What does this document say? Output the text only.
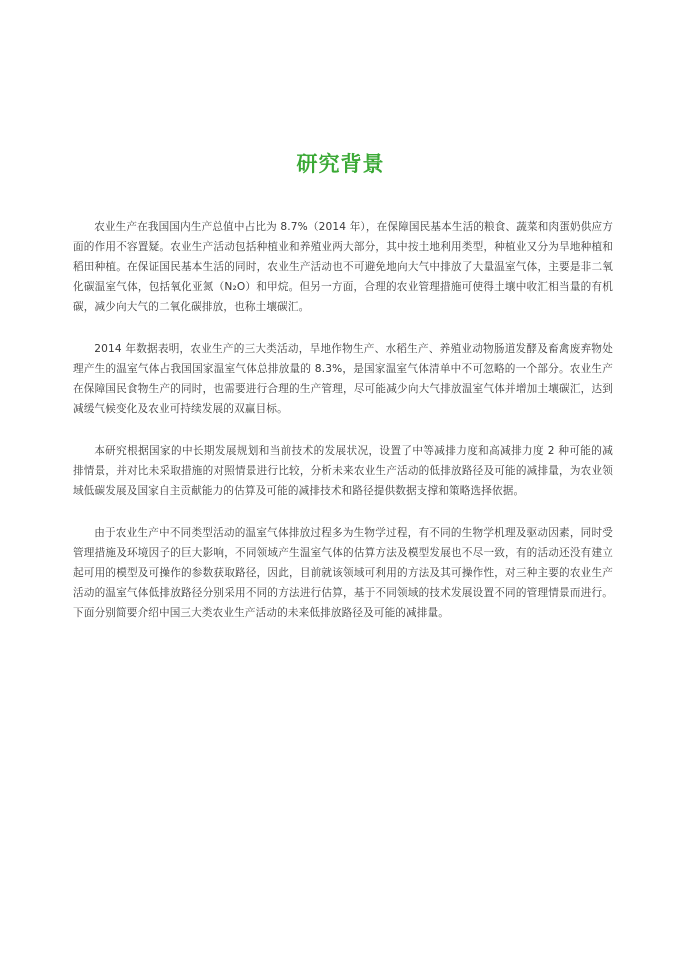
研究背景

农业生产在我国国内生产总值中占比为 8.7%（2014 年），在保障国民基本生活的粮食、蔬菜和肉蛋奶供应方面的作用不容置疑。农业生产活动包括种植业和养殖业两大部分，其中按土地利用类型，种植业又分为旱地种植和稻田种植。在保证国民基本生活的同时，农业生产活动也不可避免地向大气中排放了大量温室气体，主要是非二氧化碳温室气体，包括氧化亚氮（N₂O）和甲烷。但另一方面，合理的农业管理措施可使得土壤中收汇相当量的有机碳，减少向大气的二氧化碳排放，也称土壤碳汇。

2014 年数据表明，农业生产的三大类活动，旱地作物生产、水稻生产、养殖业动物肠道发酵及畜禽废弃物处理产生的温室气体占我国国家温室气体总排放量的 8.3%，是国家温室气体清单中不可忽略的一个部分。农业生产在保障国民食物生产的同时，也需要进行合理的生产管理，尽可能减少向大气排放温室气体并增加土壤碳汇，达到减缓气候变化及农业可持续发展的双赢目标。

本研究根据国家的中长期发展规划和当前技术的发展状况，设置了中等减排力度和高减排力度 2 种可能的减排情景，并对比未采取措施的对照情景进行比较，分析未来农业生产活动的低排放路径及可能的减排量，为农业领域低碳发展及国家自主贡献能力的估算及可能的减排技术和路径提供数据支撑和策略选择依据。

由于农业生产中不同类型活动的温室气体排放过程多为生物学过程，有不同的生物学机理及驱动因素，同时受管理措施及环境因子的巨大影响，不同领域产生温室气体的估算方法及模型发展也不尽一致，有的活动还没有建立起可用的模型及可操作的参数获取路径，因此，目前就该领域可利用的方法及其可操作性，对三种主要的农业生产活动的温室气体低排放路径分别采用不同的方法进行估算，基于不同领域的技术发展设置不同的管理情景而进行。下面分别简要介绍中国三大类农业生产活动的未来低排放路径及可能的减排量。
